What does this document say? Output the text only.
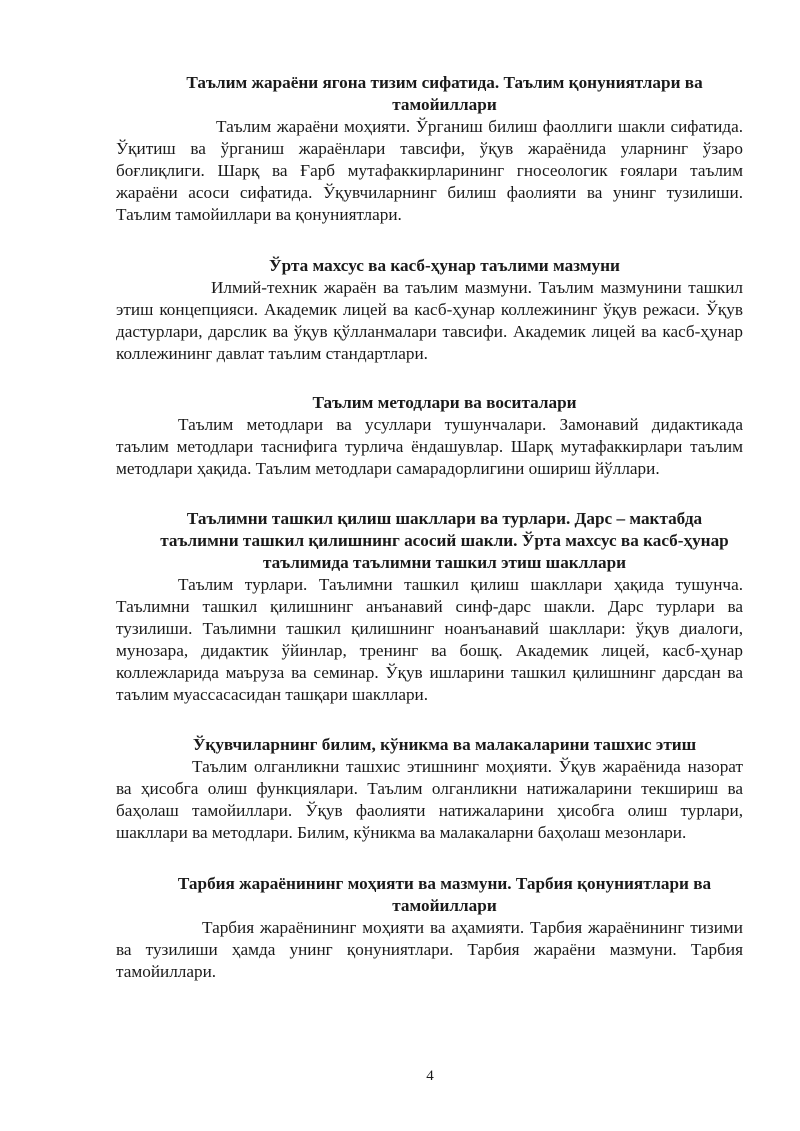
Таълим жараёни ягона тизим сифатида. Таълим қонуниятлари ва тамойиллари

Таълим жараёни моҳияти. Ўрганиш билиш фаоллиги шакли сифатида. Ўқитиш ва ўрганиш жараёнлари тавсифи, ўқув жараёнида уларнинг ўзаро боғлиқлиги. Шарқ ва Ғарб мутафаккирларининг гносеологик ғоялари таълим жараёни асоси сифатида. Ўқувчиларнинг билиш фаолияти ва унинг тузилиши. Таълим тамойиллари ва қонуниятлари.

Ўрта махсус ва касб-ҳунар таълими мазмуни

Илмий-техник жараён ва таълим мазмуни. Таълим мазмунини ташкил этиш концепцияси. Академик лицей ва касб-ҳунар коллежининг ўқув режаси. Ўқув дастурлари, дарслик ва ўқув қўлланмалари тавсифи. Академик лицей ва касб-ҳунар коллежининг давлат таълим стандартлари.

Таълим методлари ва воситалари

Таълим методлари ва усуллари тушунчалари. Замонавий дидактикада таълим методлари таснифига турлича ёндашувлар. Шарқ мутафаккирлари таълим методлари ҳақида. Таълим методлари самарадорлигини ошириш йўллари.

Таълимни ташкил қилиш шакллари ва турлари. Дарс – мактабда таълимни ташкил қилишнинг асосий шакли. Ўрта махсус ва касб-ҳунар таълимида таълимни ташкил этиш шакллари

Таълим турлари. Таълимни ташкил қилиш шакллари ҳақида тушунча. Таълимни ташкил қилишнинг анъанавий синф-дарс шакли. Дарс турлари ва тузилиши. Таълимни ташкил қилишнинг ноанъанавий шакллари: ўқув диалоги, мунозара, дидактик ўйинлар, тренинг ва бошқ. Академик лицей, касб-ҳунар коллежларида маъруза ва семинар. Ўқув ишларини ташкил қилишнинг дарсдан ва таълим муассасасидан ташқари шакллари.

Ўқувчиларнинг билим, кўникма ва малакаларини ташхис этиш

Таълим олганликни ташхис этишнинг моҳияти. Ўқув жараёнида назорат ва ҳисобга олиш функциялари. Таълим олганликни натижаларини текшириш ва баҳолаш тамойиллари. Ўқув фаолияти натижаларини ҳисобга олиш турлари, шакллари ва методлари. Билим, кўникма ва малакаларни баҳолаш мезонлари.

Тарбия жараёнининг моҳияти ва мазмуни. Тарбия қонуниятлари ва тамойиллари

Тарбия жараёнининг моҳияти ва аҳамияти. Тарбия жараёнининг тизими ва тузилиши ҳамда унинг қонуниятлари. Тарбия жараёни мазмуни. Тарбия тамойиллари.

4
